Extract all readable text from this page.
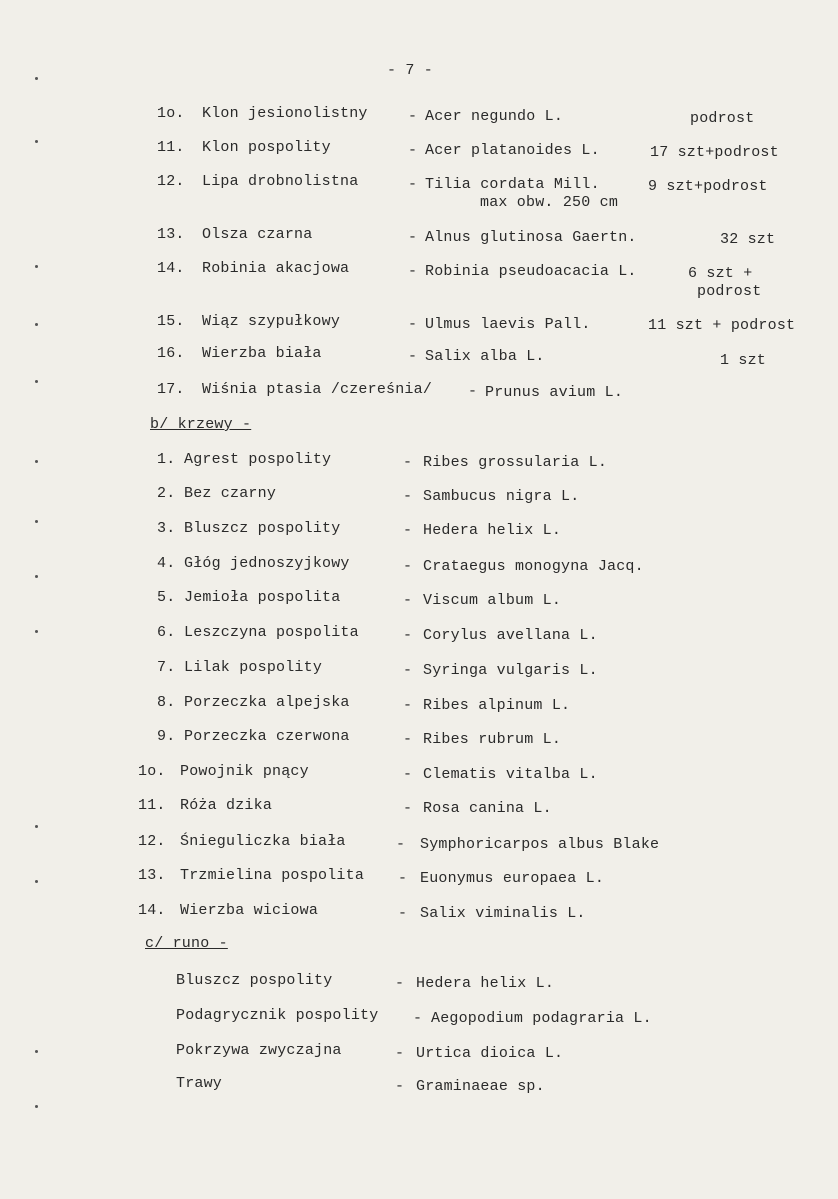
- 7 -
1o. Klon jesionolistny	- Acer negundo L.	podrost
11. Klon pospolity	- Acer platanoides L.	17 szt+podrost
12. Lipa drobnolistna	- Tilia cordata Mill.	9 szt+podrost
max obw. 250 cm
13. Olsza czarna	- Alnus glutinosa Gaertn.	32 szt
14. Robinia akacjowa	- Robinia pseudoacacia L.	6 szt +
podrost
15. Wiąz szypułkowy	- Ulmus laevis Pall.	11 szt + podrost
16. Wierzba biała	- Salix alba L.	1 szt
17. Wiśnia ptasia /czereśnia/ - Prunus avium L.
b/ krzewy -
1. Agrest pospolity	- Ribes grossularia L.
2. Bez czarny	- Sambucus nigra L.
3. Bluszcz pospolity	- Hedera helix L.
4. Głóg jednoszyjkowy	- Crataegus monogyna Jacq.
5. Jemioła pospolita	- Viscum album L.
6. Leszczyna pospolita	- Corylus avellana L.
7. Lilak pospolity	- Syringa vulgaris L.
8. Porzeczka alpejska	- Ribes alpinum L.
9. Porzeczka czerwona	- Ribes rubrum L.
1o. Powojnik pnący	- Clematis vitalba L.
11. Róża dzika	- Rosa canina L.
12. Śnieguliczka biała	- Symphoricarpos albus Blake
13. Trzmielina pospolita - Euonymus europaea L.
14. Wierzba wiciowa	- Salix viminalis L.
c/ runo -
Bluszcz pospolity	- Hedera helix L.
Podagrycznik pospolity - Aegopodium podagraria L.
Pokrzywa zwyczajna	- Urtica dioica L.
Trawy	- Graminaeae sp.
